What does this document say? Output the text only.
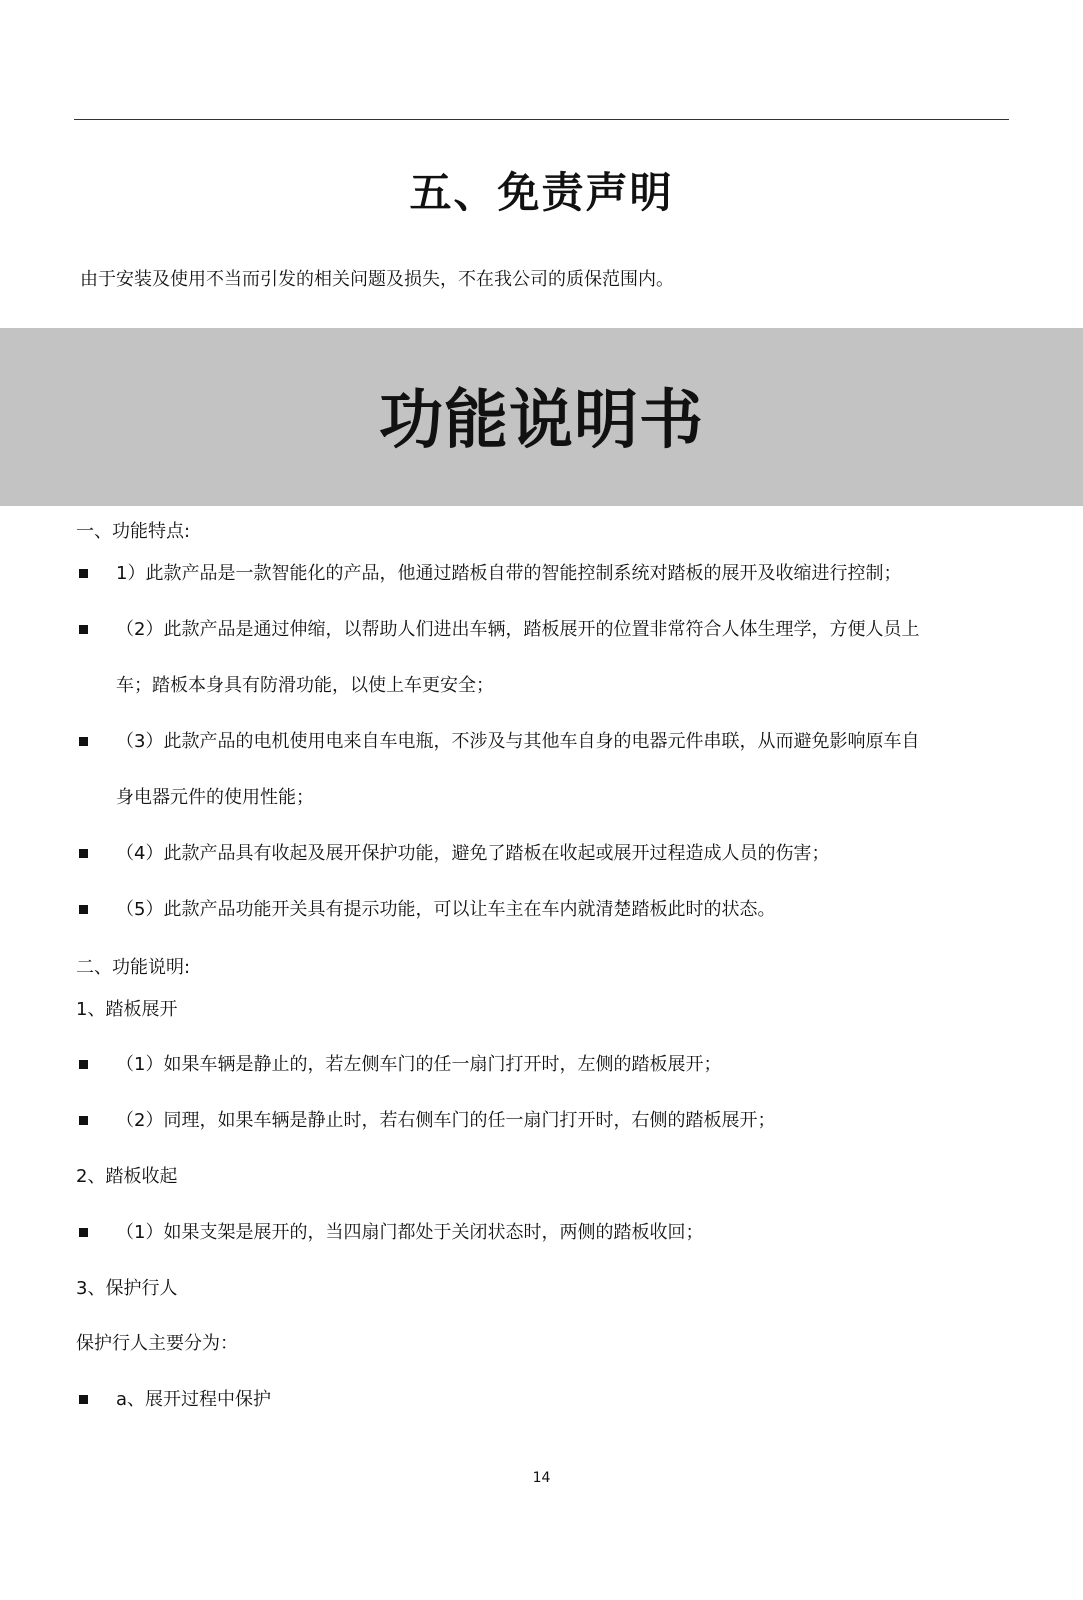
五、免责声明
由于安装及使用不当而引发的相关问题及损失，不在我公司的质保范围内。
功能说明书
一、功能特点:
1）此款产品是一款智能化的产品，他通过踏板自带的智能控制系统对踏板的展开及收缩进行控制；
（2）此款产品是通过伸缩，以帮助人们进出车辆，踏板展开的位置非常符合人体生理学，方便人员上
车；踏板本身具有防滑功能，以使上车更安全；
（3）此款产品的电机使用电来自车电瓶，不涉及与其他车自身的电器元件串联，从而避免影响原车自
身电器元件的使用性能；
（4）此款产品具有收起及展开保护功能，避免了踏板在收起或展开过程造成人员的伤害；
（5）此款产品功能开关具有提示功能，可以让车主在车内就清楚踏板此时的状态。
二、功能说明:
1、踏板展开
（1）如果车辆是静止的，若左侧车门的任一扇门打开时，左侧的踏板展开；
（2）同理，如果车辆是静止时，若右侧车门的任一扇门打开时，右侧的踏板展开；
2、踏板收起
（1）如果支架是展开的，当四扇门都处于关闭状态时，两侧的踏板收回；
3、保护行人
保护行人主要分为：
a、展开过程中保护
14
